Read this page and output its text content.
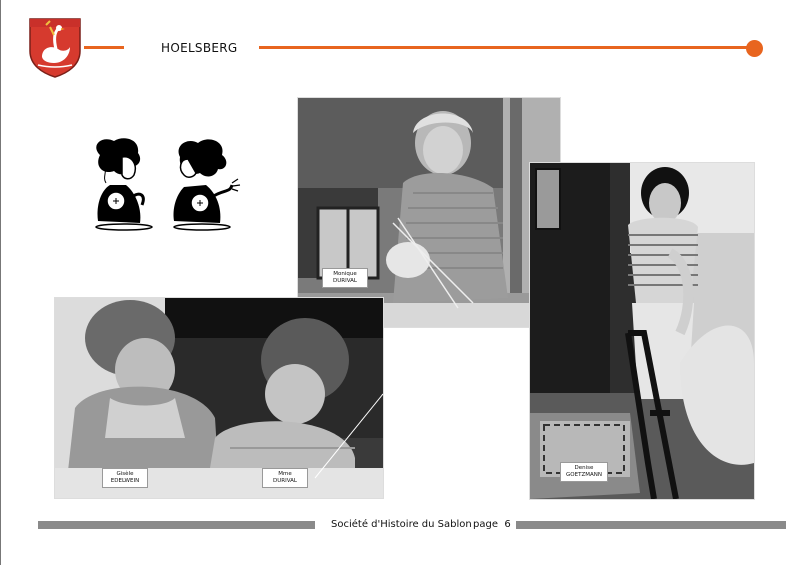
HOELSBERG
Monique
DURIVAL
Denise
GOETZMANN
Gisèle
EDELWEIN
Mme
DURIVAL
Société d'Histoire du Sablon page  6
